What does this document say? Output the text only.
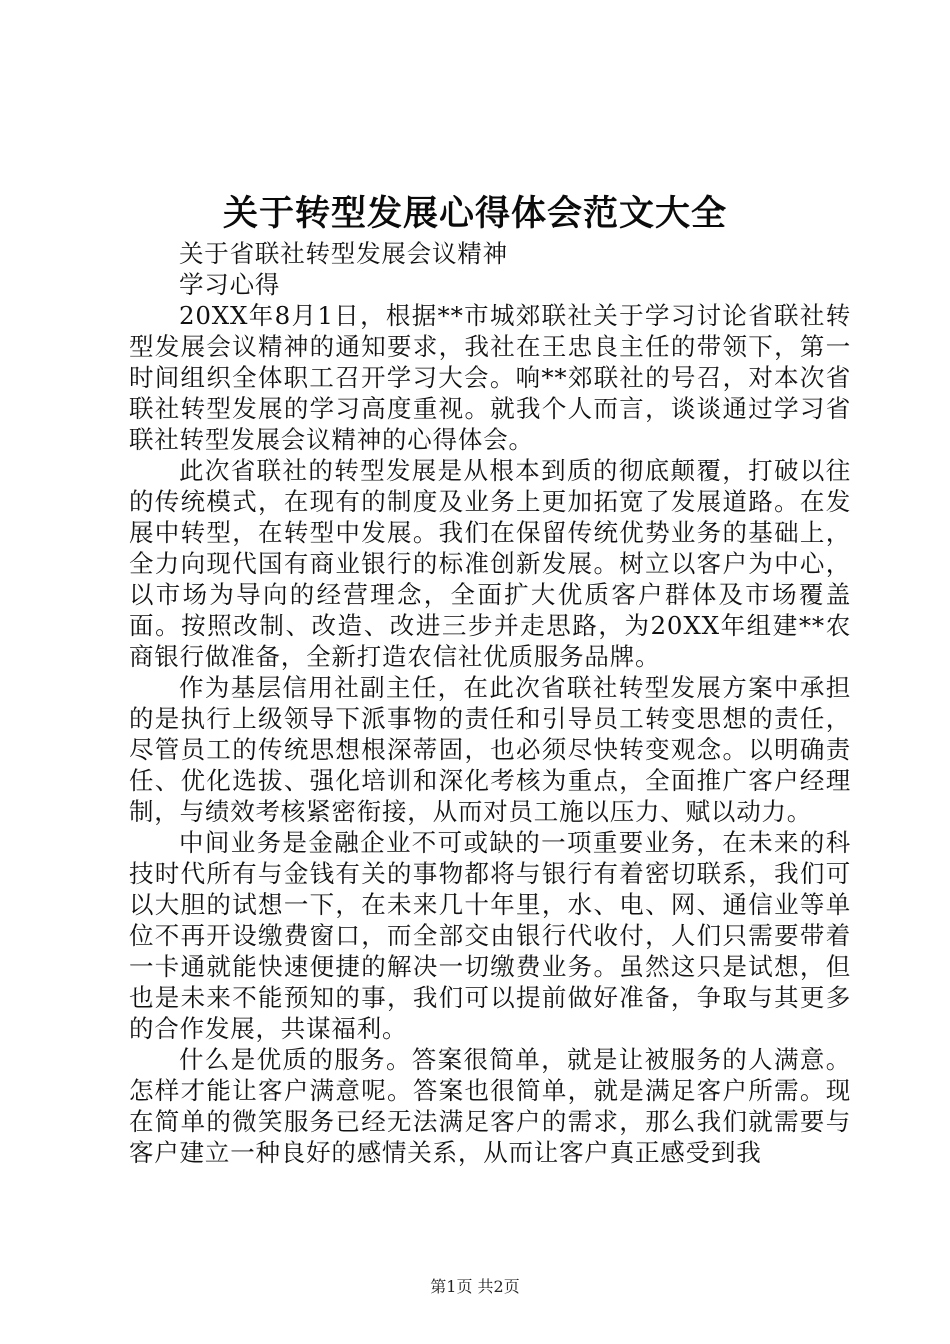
关于转型发展心得体会范文大全

关于省联社转型发展会议精神

学习心得

20XX年8月1日，根据**市城郊联社关于学习讨论省联社转型发展会议精神的通知要求，我社在王忠良主任的带领下，第一时间组织全体职工召开学习大会。响**郊联社的号召，对本次省联社转型发展的学习高度重视。就我个人而言，谈谈通过学习省联社转型发展会议精神的心得体会。

此次省联社的转型发展是从根本到质的彻底颠覆，打破以往的传统模式，在现有的制度及业务上更加拓宽了发展道路。在发展中转型，在转型中发展。我们在保留传统优势业务的基础上，全力向现代国有商业银行的标准创新发展。树立以客户为中心，以市场为导向的经营理念，全面扩大优质客户群体及市场覆盖面。按照改制、改造、改进三步并走思路，为20XX年组建**农商银行做准备，全新打造农信社优质服务品牌。

作为基层信用社副主任，在此次省联社转型发展方案中承担的是执行上级领导下派事物的责任和引导员工转变思想的责任，尽管员工的传统思想根深蒂固，也必须尽快转变观念。以明确责任、优化选拔、强化培训和深化考核为重点，全面推广客户经理制，与绩效考核紧密衔接，从而对员工施以压力、赋以动力。

中间业务是金融企业不可或缺的一项重要业务，在未来的科技时代所有与金钱有关的事物都将与银行有着密切联系，我们可以大胆的试想一下，在未来几十年里，水、电、网、通信业等单位不再开设缴费窗口，而全部交由银行代收付，人们只需要带着一卡通就能快速便捷的解决一切缴费业务。虽然这只是试想，但也是未来不能预知的事，我们可以提前做好准备，争取与其更多的合作发展，共谋福利。

什么是优质的服务。答案很简单，就是让被服务的人满意。怎样才能让客户满意呢。答案也很简单，就是满足客户所需。现在简单的微笑服务已经无法满足客户的需求，那么我们就需要与客户建立一种良好的感情关系，从而让客户真正感受到我

第1页 共2页
